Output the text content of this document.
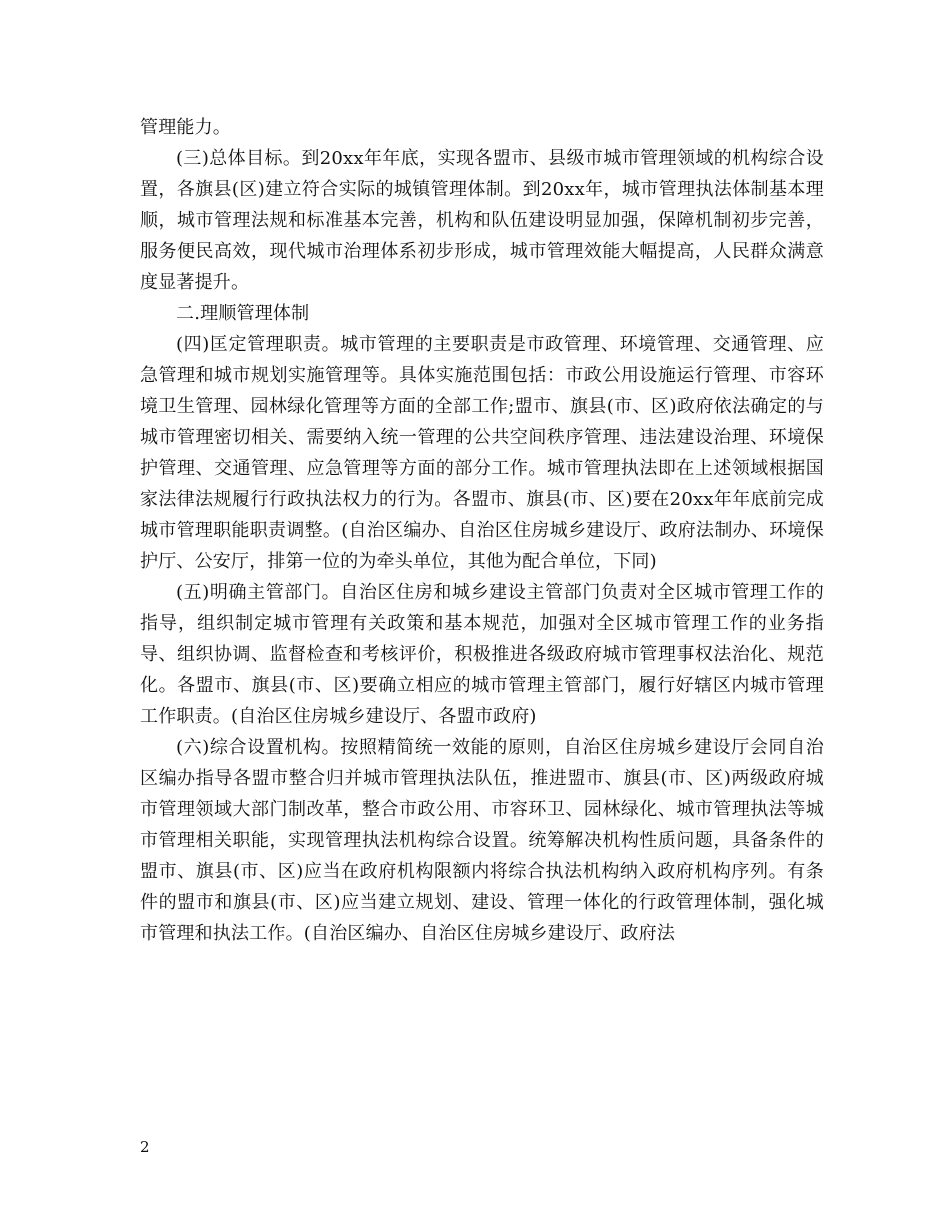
管理能力。

(三)总体目标。到20xx年年底，实现各盟市、县级市城市管理领域的机构综合设置，各旗县(区)建立符合实际的城镇管理体制。到20xx年，城市管理执法体制基本理顺，城市管理法规和标准基本完善，机构和队伍建设明显加强，保障机制初步完善，服务便民高效，现代城市治理体系初步形成，城市管理效能大幅提高，人民群众满意度显著提升。

二.理顺管理体制

(四)匡定管理职责。城市管理的主要职责是市政管理、环境管理、交通管理、应急管理和城市规划实施管理等。具体实施范围包括：市政公用设施运行管理、市容环境卫生管理、园林绿化管理等方面的全部工作;盟市、旗县(市、区)政府依法确定的与城市管理密切相关、需要纳入统一管理的公共空间秩序管理、违法建设治理、环境保护管理、交通管理、应急管理等方面的部分工作。城市管理执法即在上述领域根据国家法律法规履行行政执法权力的行为。各盟市、旗县(市、区)要在20xx年年底前完成城市管理职能职责调整。(自治区编办、自治区住房城乡建设厅、政府法制办、环境保护厅、公安厅，排第一位的为牵头单位，其他为配合单位，下同)

(五)明确主管部门。自治区住房和城乡建设主管部门负责对全区城市管理工作的指导，组织制定城市管理有关政策和基本规范，加强对全区城市管理工作的业务指导、组织协调、监督检查和考核评价，积极推进各级政府城市管理事权法治化、规范化。各盟市、旗县(市、区)要确立相应的城市管理主管部门，履行好辖区内城市管理工作职责。(自治区住房城乡建设厅、各盟市政府)

(六)综合设置机构。按照精简统一效能的原则，自治区住房城乡建设厅会同自治区编办指导各盟市整合归并城市管理执法队伍，推进盟市、旗县(市、区)两级政府城市管理领域大部门制改革，整合市政公用、市容环卫、园林绿化、城市管理执法等城市管理相关职能，实现管理执法机构综合设置。统筹解决机构性质问题，具备条件的盟市、旗县(市、区)应当在政府机构限额内将综合执法机构纳入政府机构序列。有条件的盟市和旗县(市、区)应当建立规划、建设、管理一体化的行政管理体制，强化城市管理和执法工作。(自治区编办、自治区住房城乡建设厅、政府法

2
